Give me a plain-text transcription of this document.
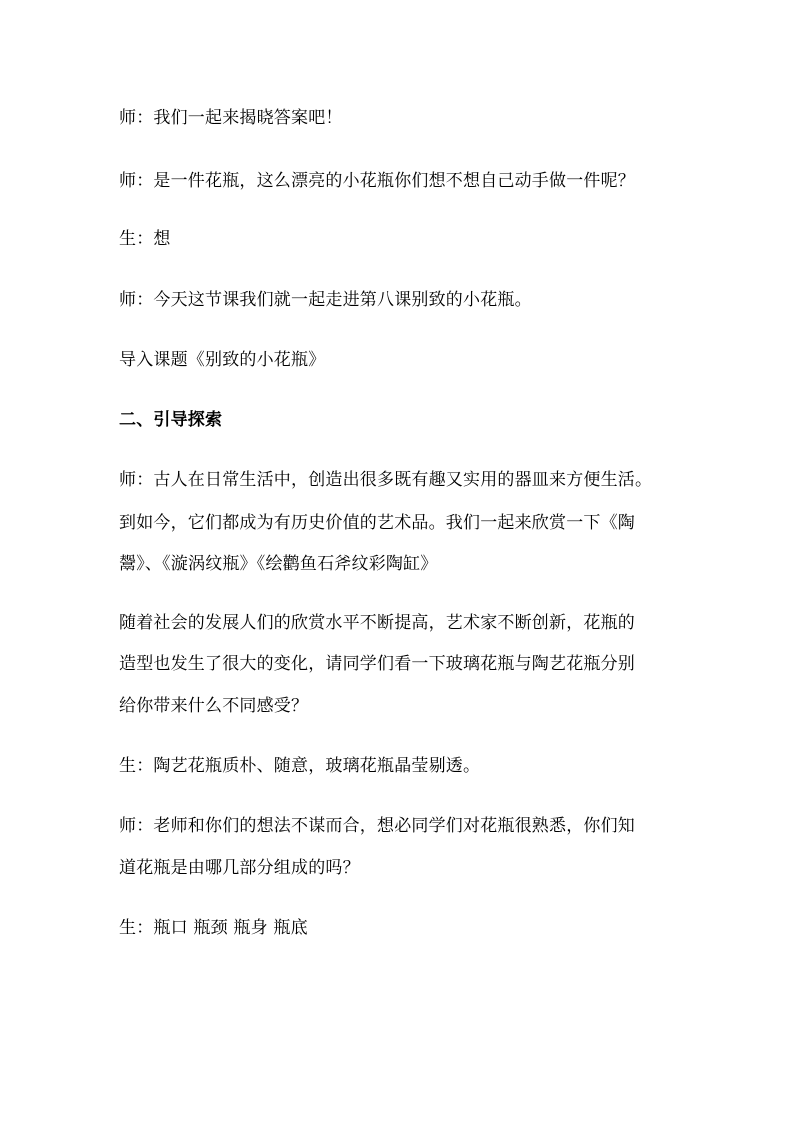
师：我们一起来揭晓答案吧！
师：是一件花瓶，这么漂亮的小花瓶你们想不想自己动手做一件呢？
生：想
师：今天这节课我们就一起走进第八课别致的小花瓶。
导入课题《别致的小花瓶》
二、引导探索
师：古人在日常生活中，创造出很多既有趣又实用的器皿来方便生活。
到如今，它们都成为有历史价值的艺术品。我们一起来欣赏一下《陶
鬶》、《漩涡纹瓶》《绘鹳鱼石斧纹彩陶缸》
随着社会的发展人们的欣赏水平不断提高，艺术家不断创新，花瓶的
造型也发生了很大的变化，请同学们看一下玻璃花瓶与陶艺花瓶分别
给你带来什么不同感受？
生：陶艺花瓶质朴、随意，玻璃花瓶晶莹剔透。
师：老师和你们的想法不谋而合，想必同学们对花瓶很熟悉，你们知
道花瓶是由哪几部分组成的吗？
生：瓶口 瓶颈 瓶身 瓶底
